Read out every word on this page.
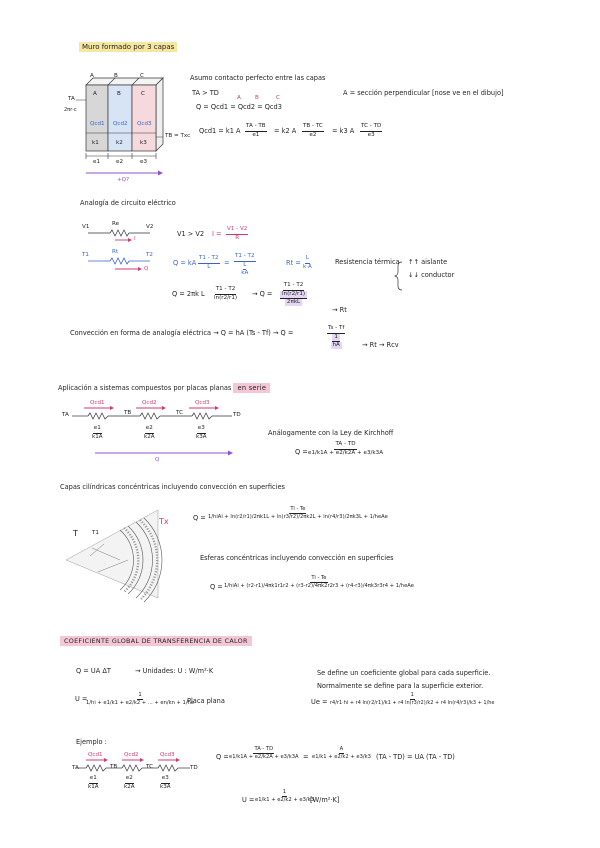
Muro formado por 3 capas
A	B	C
A	B	C
Qcd1 Qcd2 Qcd3
k1	k2	k3
e1	e2	e3
TA
2πr·c
TB = Txc
+Q?
Asumo contacto perfecto entre las capas
TA > TD	A = sección perpendicular [nose ve en el dibujo]
Q = Qcd1 = Qcd2 = Qcd3
A	B	C
Qcd1 = k1 A $\frac{TA - TB}{e1} = k2$ A $\frac{TB - TC}{e2} = k3$ A $\frac{TC - TD}{e3}$
Analogía de circuito eléctrico
V1	Re	V2
I
T1	Rt	T2
Q
V1 > V2 $I = \frac{V1 - V2}{R}$
Q = kA $\frac{T1 - T2}{L}$ =
T1 - T2
L
kA
$Rt = \frac{L}{k\cdot A}$	Resistencia térmica ↑↑ aislante
↓↓ conductor
Q = 2πk L $\frac{T1 - T2}{\ln(r2/r1)} \to Q$ =
T1 - T2
ln(r2/r1)
2πkL
→ Rt
Convección en forma de analogía eléctrica → Q = hA (Ts - Tf) → Q =
Ts - Tf
1
hA	→ Rt → Rcv
Aplicación a sistemas compuestos por placas planas en serie
TA	TB	TC	TD
Qcd1	Qcd2	Qcd3
$\frac{e1}{k1A}$	$\frac{e2}{k2A}$	$\frac{e3}{k3A}$
Q
Análogamente con la Ley de Kirchhoff
$Q = \frac{TA - TD}{e1/k1A + e2/k2A + e3/k3A}$
Capas cilíndricas concéntricas incluyendo convección en superficies
T	T1
Tx	Q =
Ti - Te
1/hiAi + ln(r2/r1)/2πk1L + ln(r3/r2)/2πk2L + ln(r4/r3)/2πk3L + 1/heAe
Esferas concéntricas incluyendo convección en superficies
Q =
Ti - Te
1/hiAi + (r2-r1)/4πk1r1r2 + (r3-r2)/4πk2r2r3 + (r4-r3)/4πk3r3r4 + 1/heAe
COEFICIENTE GLOBAL DE TRANSFERENCIA DE CALOR
Q = UA ΔT	→ Unidades: U : W/m²·K
U =
$\frac{1}{1/hi + e1/k1 + e2/k2 + ... + en/kn + 1/he}$
Placa plana
Se define un coeficiente global para cada superficie.
Normalmente se define para la superficie exterior.
Ue =
1
r4/r1·hi + r4 ln(r2/r1)/k1 + r4 ln(r3/r2)/k2 + r4 ln(r4/r3)/k3 + 1/he
Ejemplo :
TA	TB	TC	TD
Qcd1	Qcd2	Qcd3
$\frac{e1}{k1A}$	$\frac{e2}{k2A}$	$\frac{e3}{k3A}$
$Q = \frac{TA - TD}{e1/k1A + e2/k2A + e3/k3A} = \frac{A}{e1/k1 + e2/k2 + e3/k3} (TA - TD)$ = UA (TA - TD)
$U = \frac{1}{e1/k1 + e2/k2 + e3/k3}$
[W/m²·K]
